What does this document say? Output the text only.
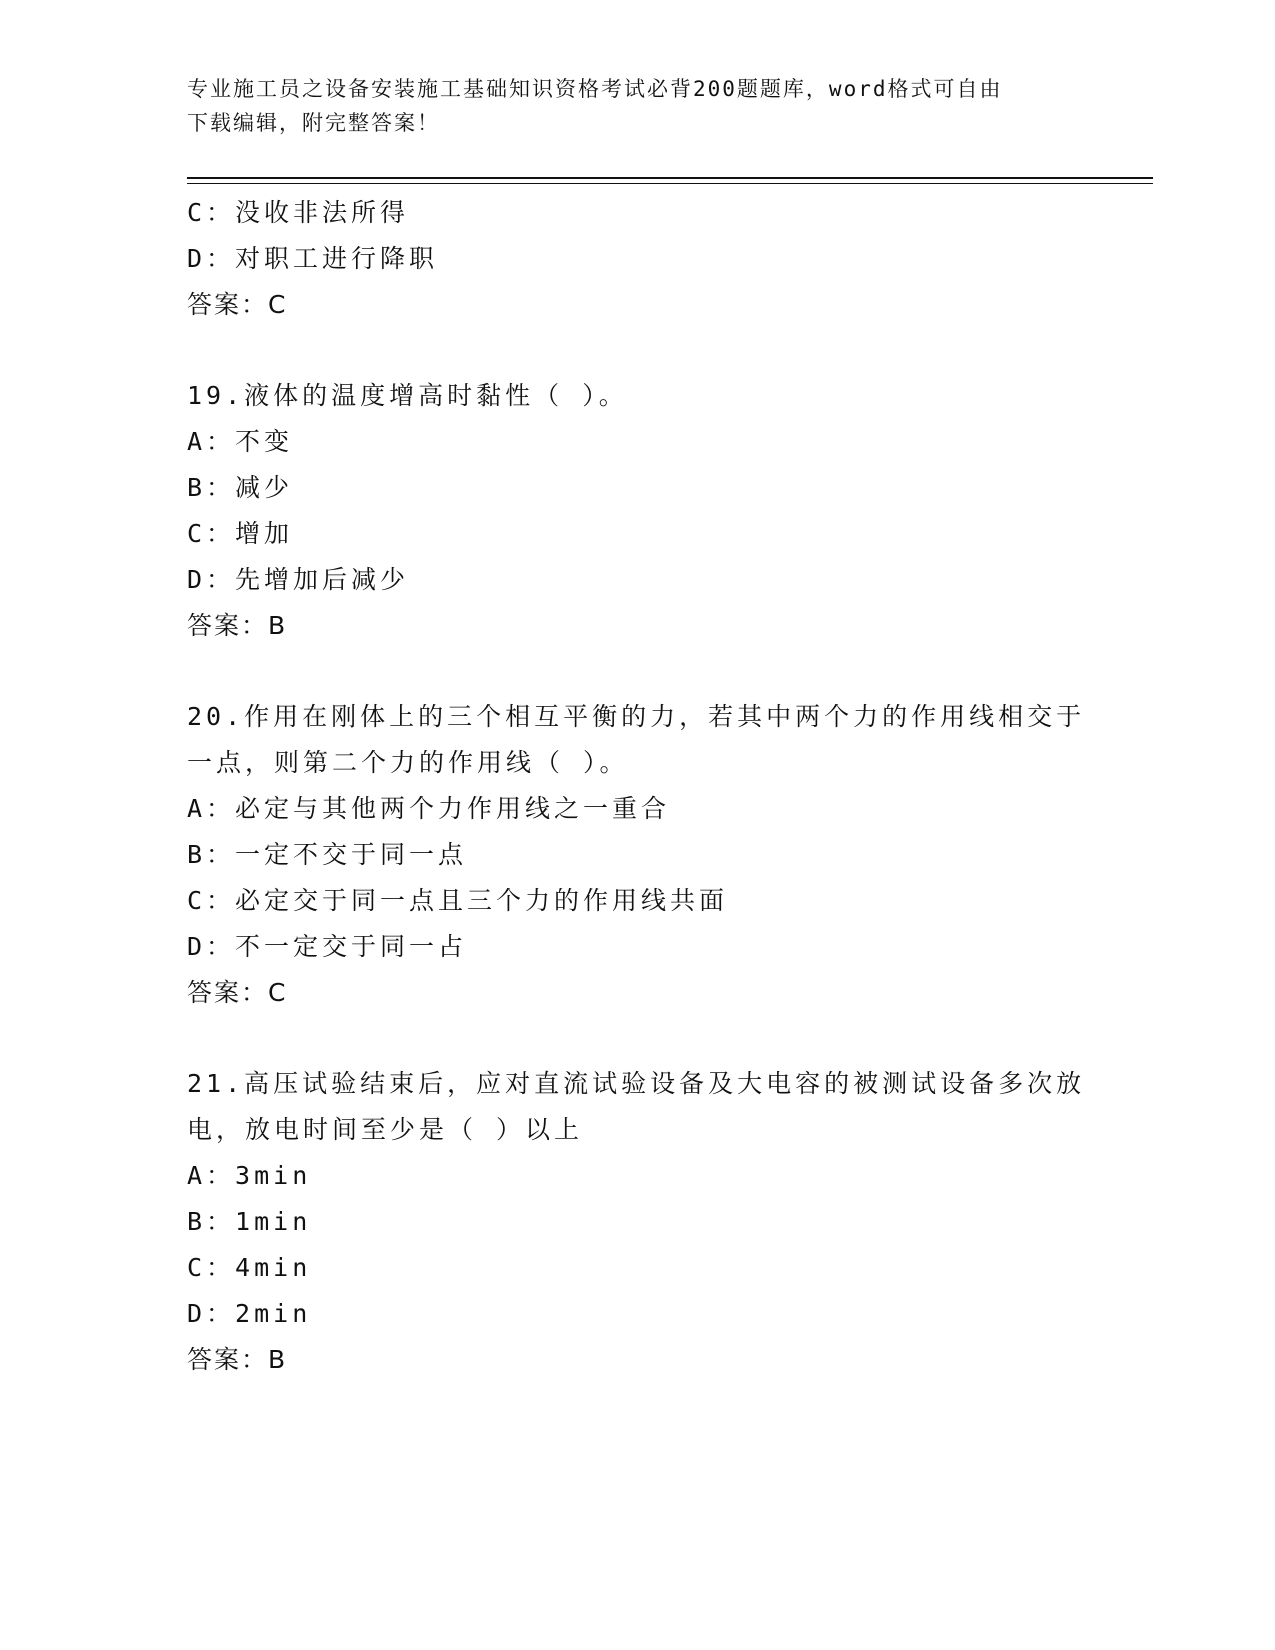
专业施工员之设备安装施工基础知识资格考试必背200题题库，word格式可自由
下载编辑，附完整答案！
C：没收非法所得
D：对职工进行降职
答案：C
19.液体的温度增高时黏性（ ）。
A：不变
B：减少
C：增加
D：先增加后减少
答案：B
20.作用在刚体上的三个相互平衡的力，若其中两个力的作用线相交于
一点，则第二个力的作用线（ ）。
A：必定与其他两个力作用线之一重合
B：一定不交于同一点
C：必定交于同一点且三个力的作用线共面
D：不一定交于同一占
答案：C
21.高压试验结束后，应对直流试验设备及大电容的被测试设备多次放
电，放电时间至少是（ ）以上
A：3min
B：1min
C：4min
D：2min
答案：B
